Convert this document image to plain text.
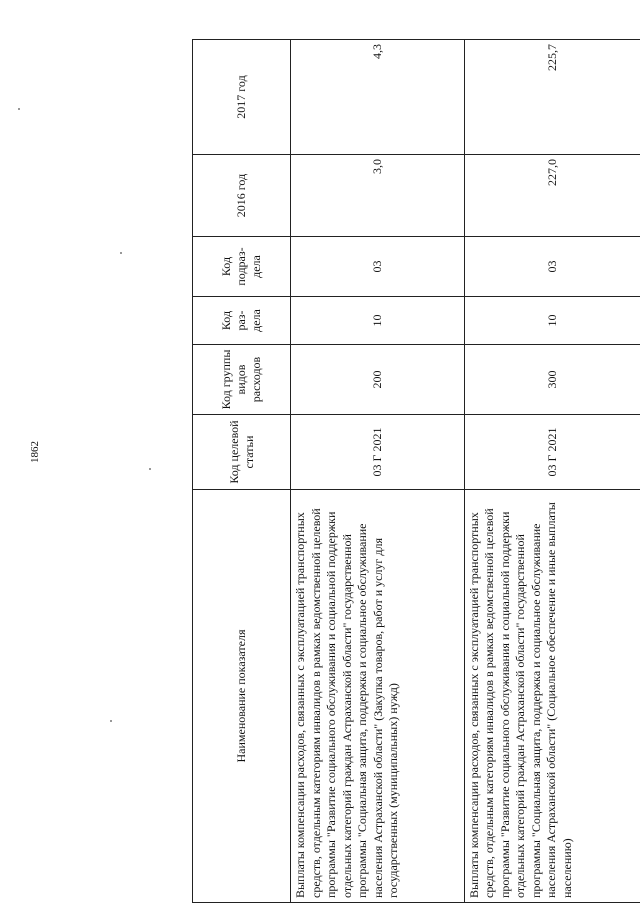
1862
Наименование показателя	Код целевой статьи	Код группы видов расходов	Код раз-дела	Код подраз-дела	2016 год	2017 год
Выплаты компенсации расходов, связанных с эксплуатацией транспортных средств, отдельным категориям инвалидов в рамках ведомственной целевой программы "Развитие социального обслуживания и социальной поддержки отдельных категорий граждан Астраханской области" государственной программы "Социальная защита, поддержка и социальное обслуживание населения Астраханской области" (Закупка товаров, работ и услуг для государственных (муниципальных) нужд)	03 Г 2021	200	10	03	3,0	4,3
Выплаты компенсации расходов, связанных с эксплуатацией транспортных средств, отдельным категориям инвалидов в рамках ведомственной целевой программы "Развитие социального обслуживания и социальной поддержки отдельных категорий граждан Астраханской области" государственной программы "Социальная защита, поддержка и социальное обслуживание населения Астраханской области" (Социальное обеспечение и иные выплаты населению)	03 Г 2021	300	10	03	227,0	225,7
